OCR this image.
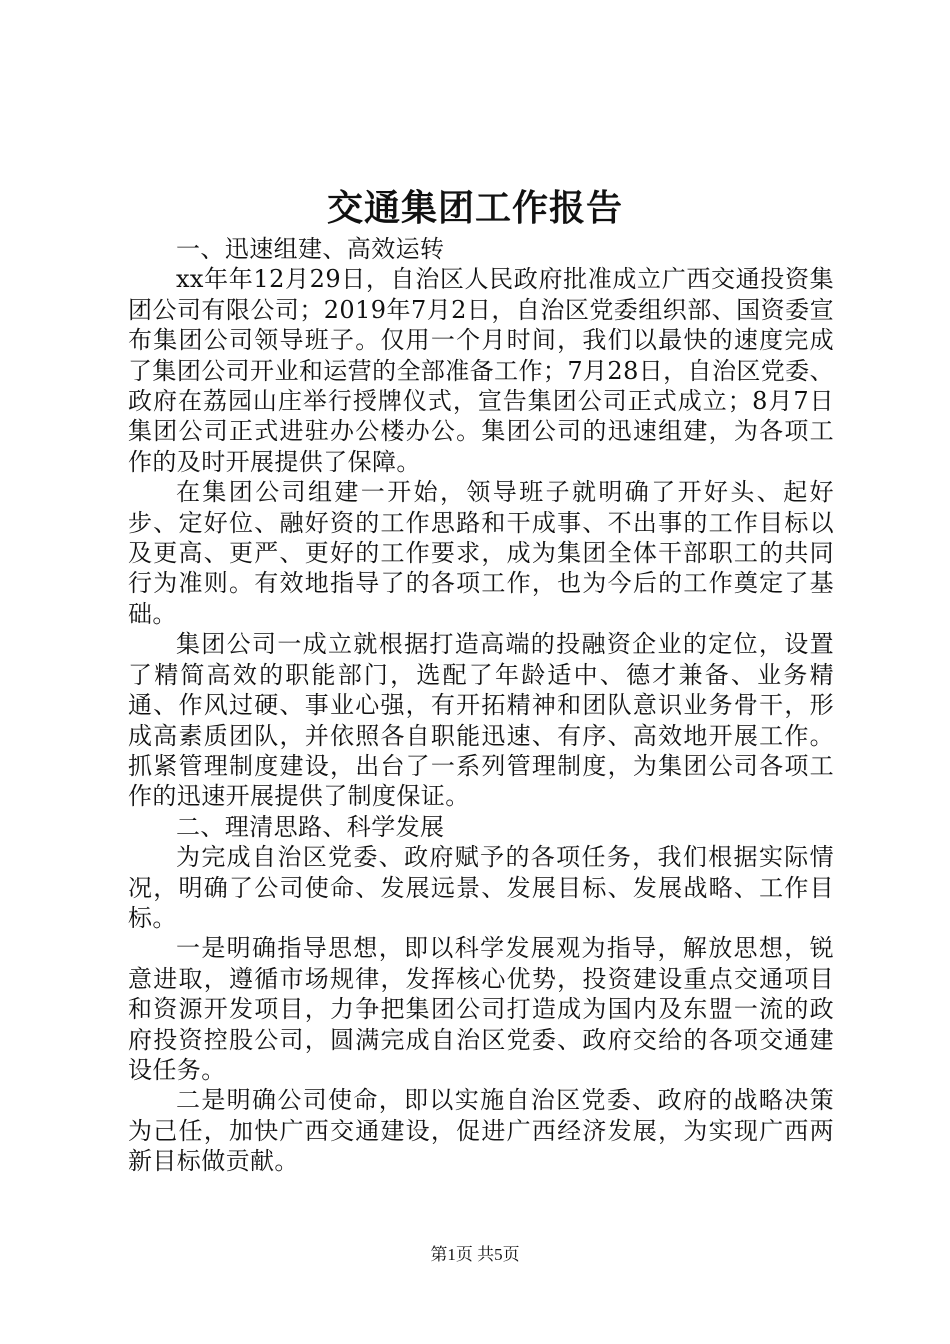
交通集团工作报告

一、迅速组建、高效运转

xx年年12月29日，自治区人民政府批准成立广西交通投资集团公司有限公司；2019年7月2日，自治区党委组织部、国资委宣布集团公司领导班子。仅用一个月时间，我们以最快的速度完成了集团公司开业和运营的全部准备工作；7月28日，自治区党委、政府在荔园山庄举行授牌仪式，宣告集团公司正式成立；8月7日集团公司正式进驻办公楼办公。集团公司的迅速组建，为各项工作的及时开展提供了保障。

在集团公司组建一开始，领导班子就明确了开好头、起好步、定好位、融好资的工作思路和干成事、不出事的工作目标以及更高、更严、更好的工作要求，成为集团全体干部职工的共同行为准则。有效地指导了的各项工作，也为今后的工作奠定了基础。

集团公司一成立就根据打造高端的投融资企业的定位，设置了精简高效的职能部门，选配了年龄适中、德才兼备、业务精通、作风过硬、事业心强，有开拓精神和团队意识业务骨干，形成高素质团队，并依照各自职能迅速、有序、高效地开展工作。抓紧管理制度建设，出台了一系列管理制度，为集团公司各项工作的迅速开展提供了制度保证。

二、理清思路、科学发展

为完成自治区党委、政府赋予的各项任务，我们根据实际情况，明确了公司使命、发展远景、发展目标、发展战略、工作目标。

一是明确指导思想，即以科学发展观为指导，解放思想，锐意进取，遵循市场规律，发挥核心优势，投资建设重点交通项目和资源开发项目，力争把集团公司打造成为国内及东盟一流的政府投资控股公司，圆满完成自治区党委、政府交给的各项交通建设任务。

二是明确公司使命，即以实施自治区党委、政府的战略决策为己任，加快广西交通建设，促进广西经济发展，为实现广西两新目标做贡献。

第1页 共5页
